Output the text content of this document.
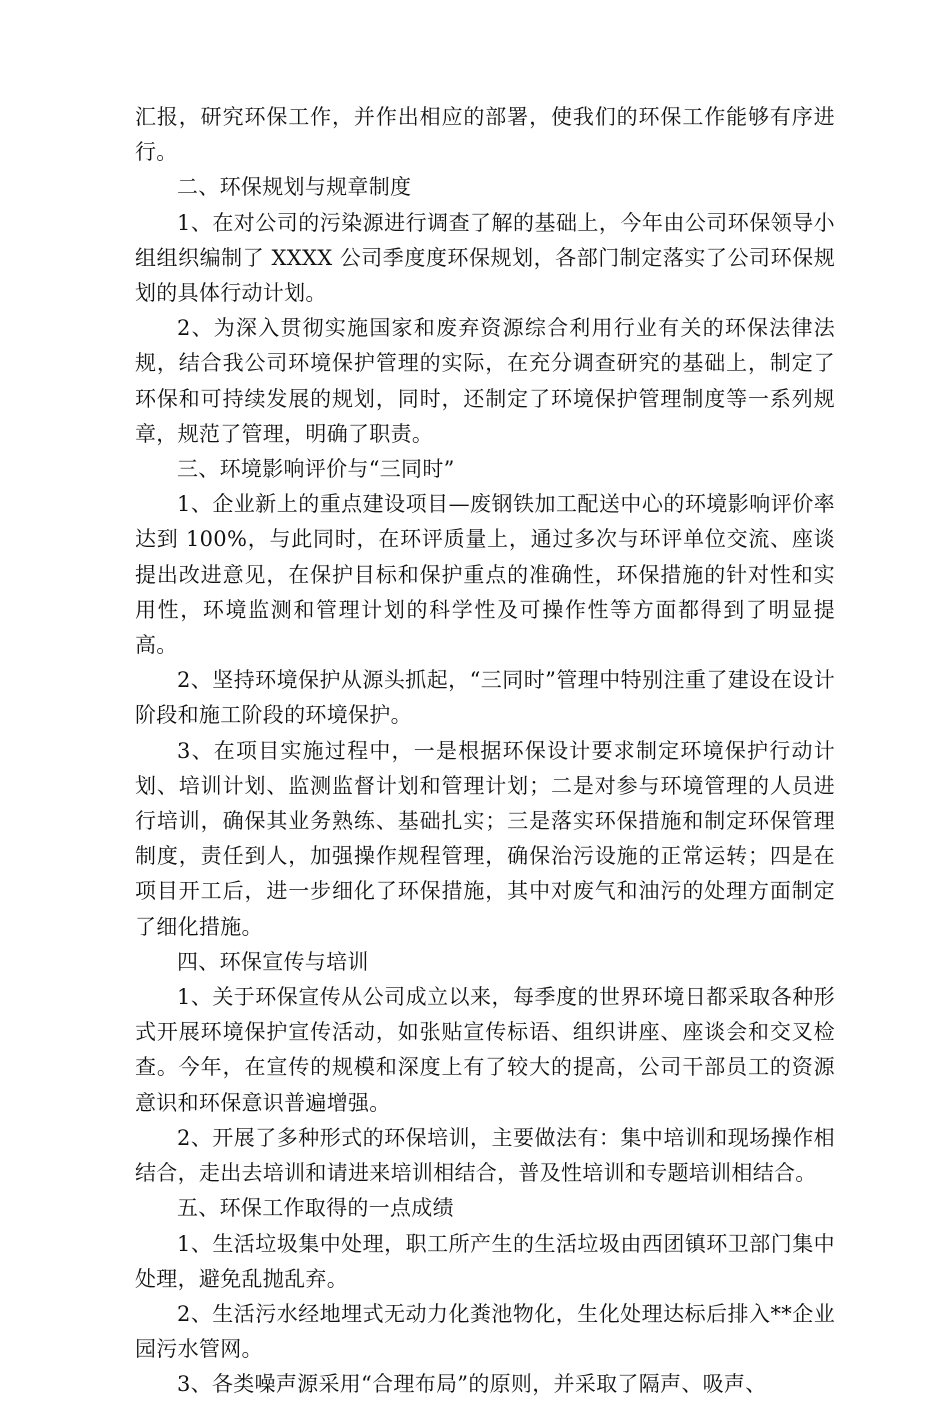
汇报，研究环保工作，并作出相应的部署，使我们的环保工作能够有序进行。

二、环保规划与规章制度

1、在对公司的污染源进行调查了解的基础上，今年由公司环保领导小组组织编制了 XXXX 公司季度度环保规划，各部门制定落实了公司环保规划的具体行动计划。

2、为深入贯彻实施国家和废弃资源综合利用行业有关的环保法律法规，结合我公司环境保护管理的实际，在充分调查研究的基础上，制定了环保和可持续发展的规划，同时，还制定了环境保护管理制度等一系列规章，规范了管理，明确了职责。

三、环境影响评价与“三同时”

1、企业新上的重点建设项目—废钢铁加工配送中心的环境影响评价率达到 100%，与此同时，在环评质量上，通过多次与环评单位交流、座谈提出改进意见，在保护目标和保护重点的准确性，环保措施的针对性和实用性，环境监测和管理计划的科学性及可操作性等方面都得到了明显提高。

2、坚持环境保护从源头抓起，“三同时”管理中特别注重了建设在设计阶段和施工阶段的环境保护。

3、在项目实施过程中，一是根据环保设计要求制定环境保护行动计划、培训计划、监测监督计划和管理计划；二是对参与环境管理的人员进行培训，确保其业务熟练、基础扎实；三是落实环保措施和制定环保管理制度，责任到人，加强操作规程管理，确保治污设施的正常运转；四是在项目开工后，进一步细化了环保措施，其中对废气和油污的处理方面制定了细化措施。

四、环保宣传与培训

1、关于环保宣传从公司成立以来，每季度的世界环境日都采取各种形式开展环境保护宣传活动，如张贴宣传标语、组织讲座、座谈会和交叉检查。今年，在宣传的规模和深度上有了较大的提高，公司干部员工的资源意识和环保意识普遍增强。

2、开展了多种形式的环保培训，主要做法有：集中培训和现场操作相结合，走出去培训和请进来培训相结合，普及性培训和专题培训相结合。

五、环保工作取得的一点成绩

1、生活垃圾集中处理，职工所产生的生活垃圾由西团镇环卫部门集中处理，避免乱抛乱弃。

2、生活污水经地埋式无动力化粪池物化，生化处理达标后排入**企业园污水管网。

3、各类噪声源采用“合理布局”的原则，并采取了隔声、吸声、
